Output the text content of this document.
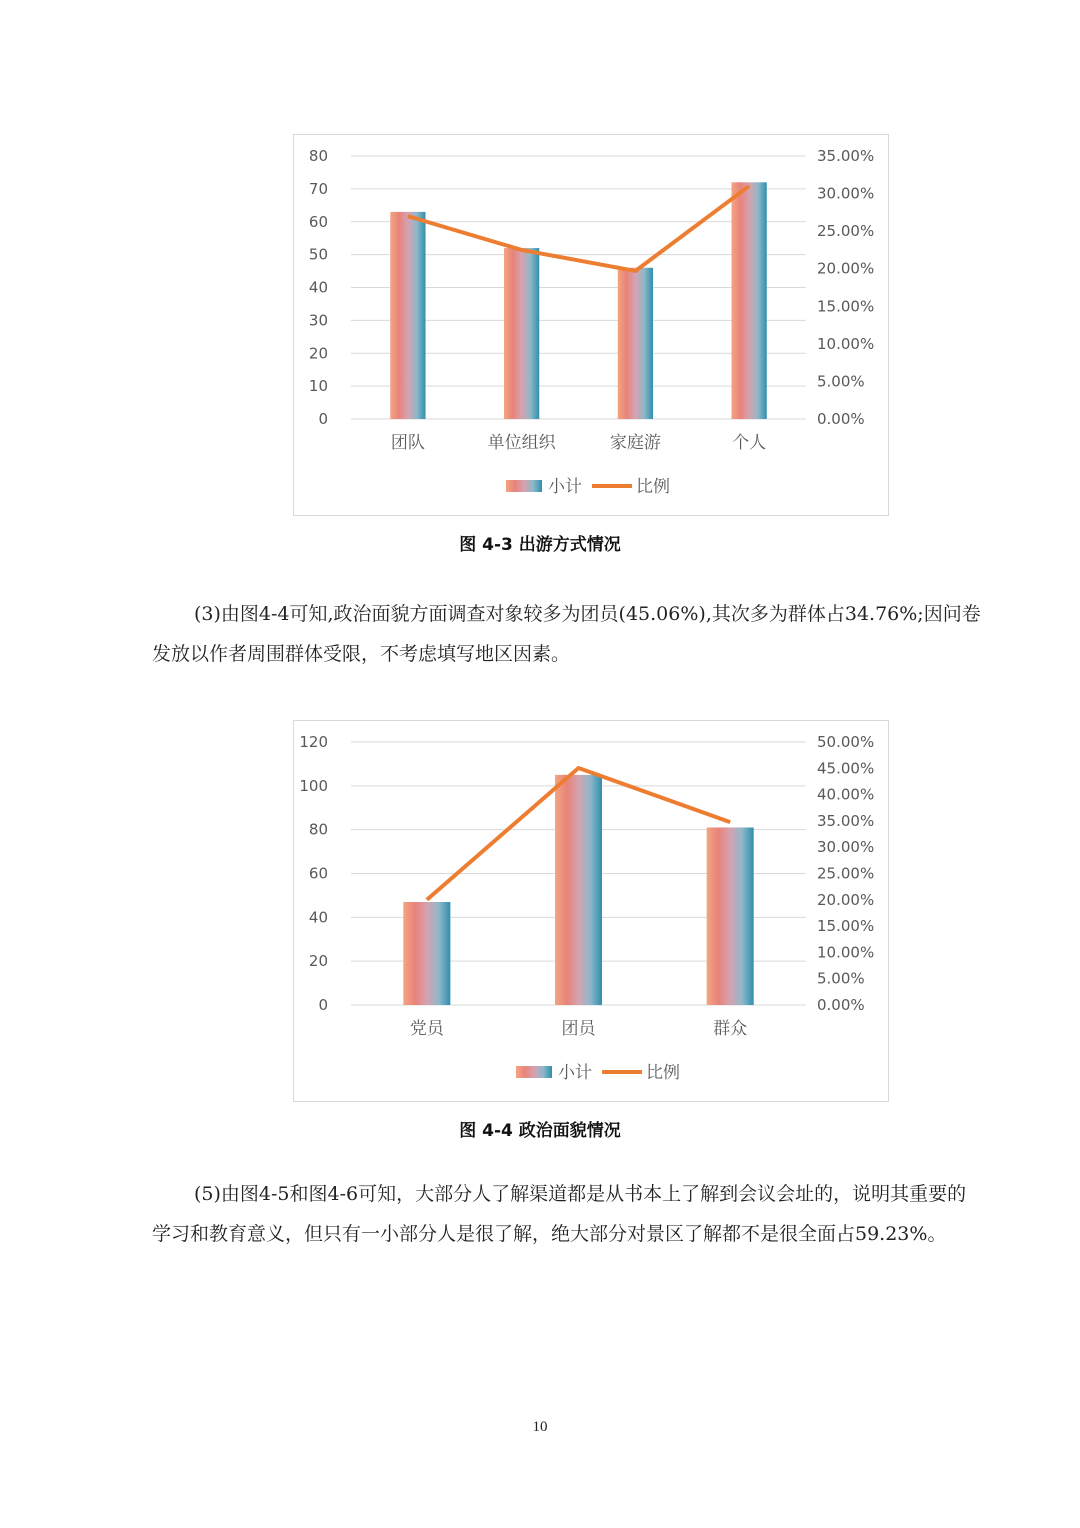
0
10
20
30
40
50
60
70
80
0.00%
5.00%
10.00%
15.00%
20.00%
25.00%
30.00%
35.00%
团队	单位组织	家庭游	个人
小计	比例
图 4-3 出游方式情况
(3)由图4-4可知,政治面貌方面调查对象较多为团员(45.06%),其次多为群体占34.76%;因问卷发放以作者周围群体受限，不考虑填写地区因素。
0
20
40
60
80
100
120
0.00%
5.00%
10.00%
15.00%
20.00%
25.00%
30.00%
35.00%
40.00%
45.00%
50.00%
党员	团员	群众
小计	比例
图 4-4 政治面貌情况
(5)由图4-5和图4-6可知，大部分人了解渠道都是从书本上了解到会议会址的，说明其重要的学习和教育意义，但只有一小部分人是很了解，绝大部分对景区了解都不是很全面占59.23%。
10
